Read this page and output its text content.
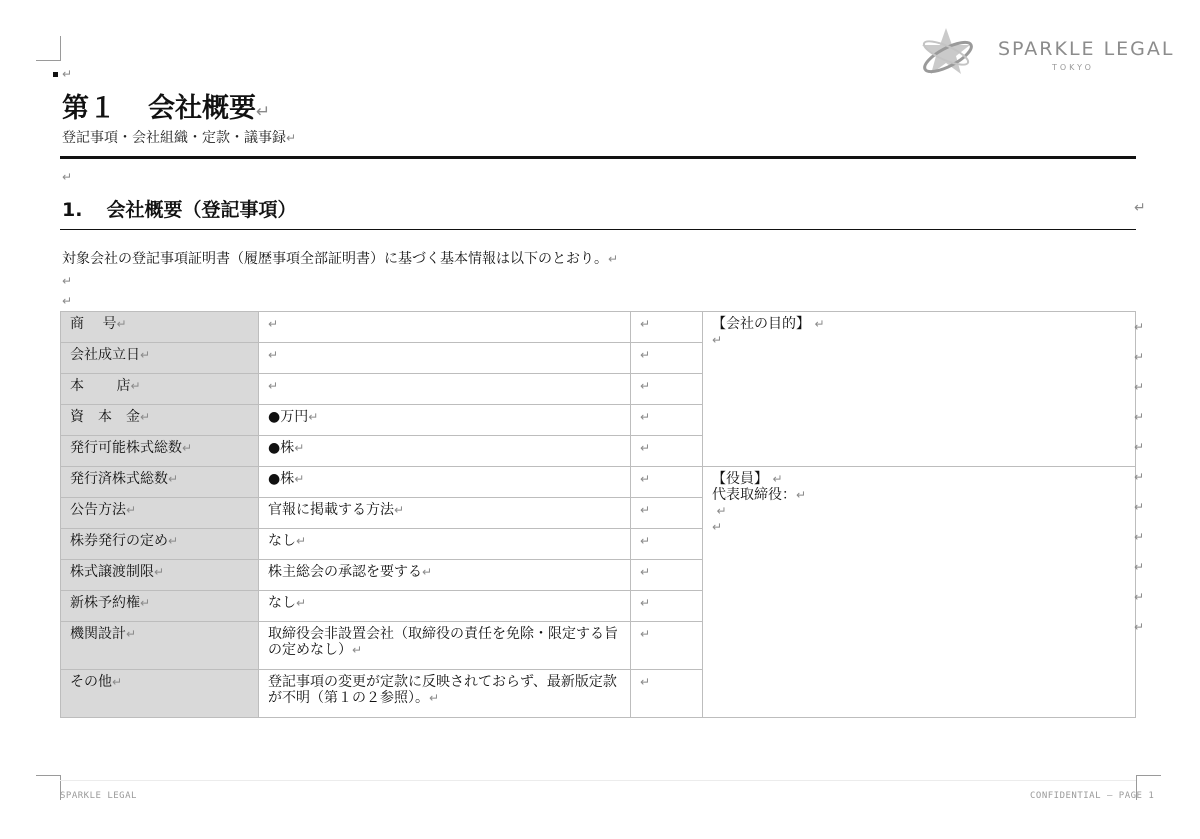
SPARKLE LEGAL
TOKYO
↵
第１ 会社概要↵
登記事項・会社組織・定款・議事録↵
↵
1. 会社概要（登記事項）	↵
対象会社の登記事項証明書（履歴事項全部証明書）に基づく基本情報は以下のとおり。↵
↵
↵
商　 号↵	↵	↵	【会社の目的】 ↵
↵

会社成立日↵	↵	↵	
本　　 店↵	↵	↵	
資　本　金↵	●万円↵	↵	
発行可能株式総数↵	●株↵	↵	
発行済株式総数↵	●株↵	↵	【役員】 ↵
代表取締役：↵
↵
↵

公告方法↵	官報に掲載する方法↵	↵	
株券発行の定め↵	なし↵	↵	
株式譲渡制限↵	株主総会の承認を要する↵	↵	
新株予約権↵	なし↵	↵	
機関設計↵	取締役会非設置会社（取締役の責任を免除・限定する旨の定めなし）↵	↵	
その他↵	登記事項の変更が定款に反映されておらず、最新版定款が不明（第１の２参照）。↵	↵	
↵
↵
↵
↵
↵
↵
↵
↵
↵
↵
↵
SPARKLE LEGAL	CONFIDENTIAL — PAGE 1
